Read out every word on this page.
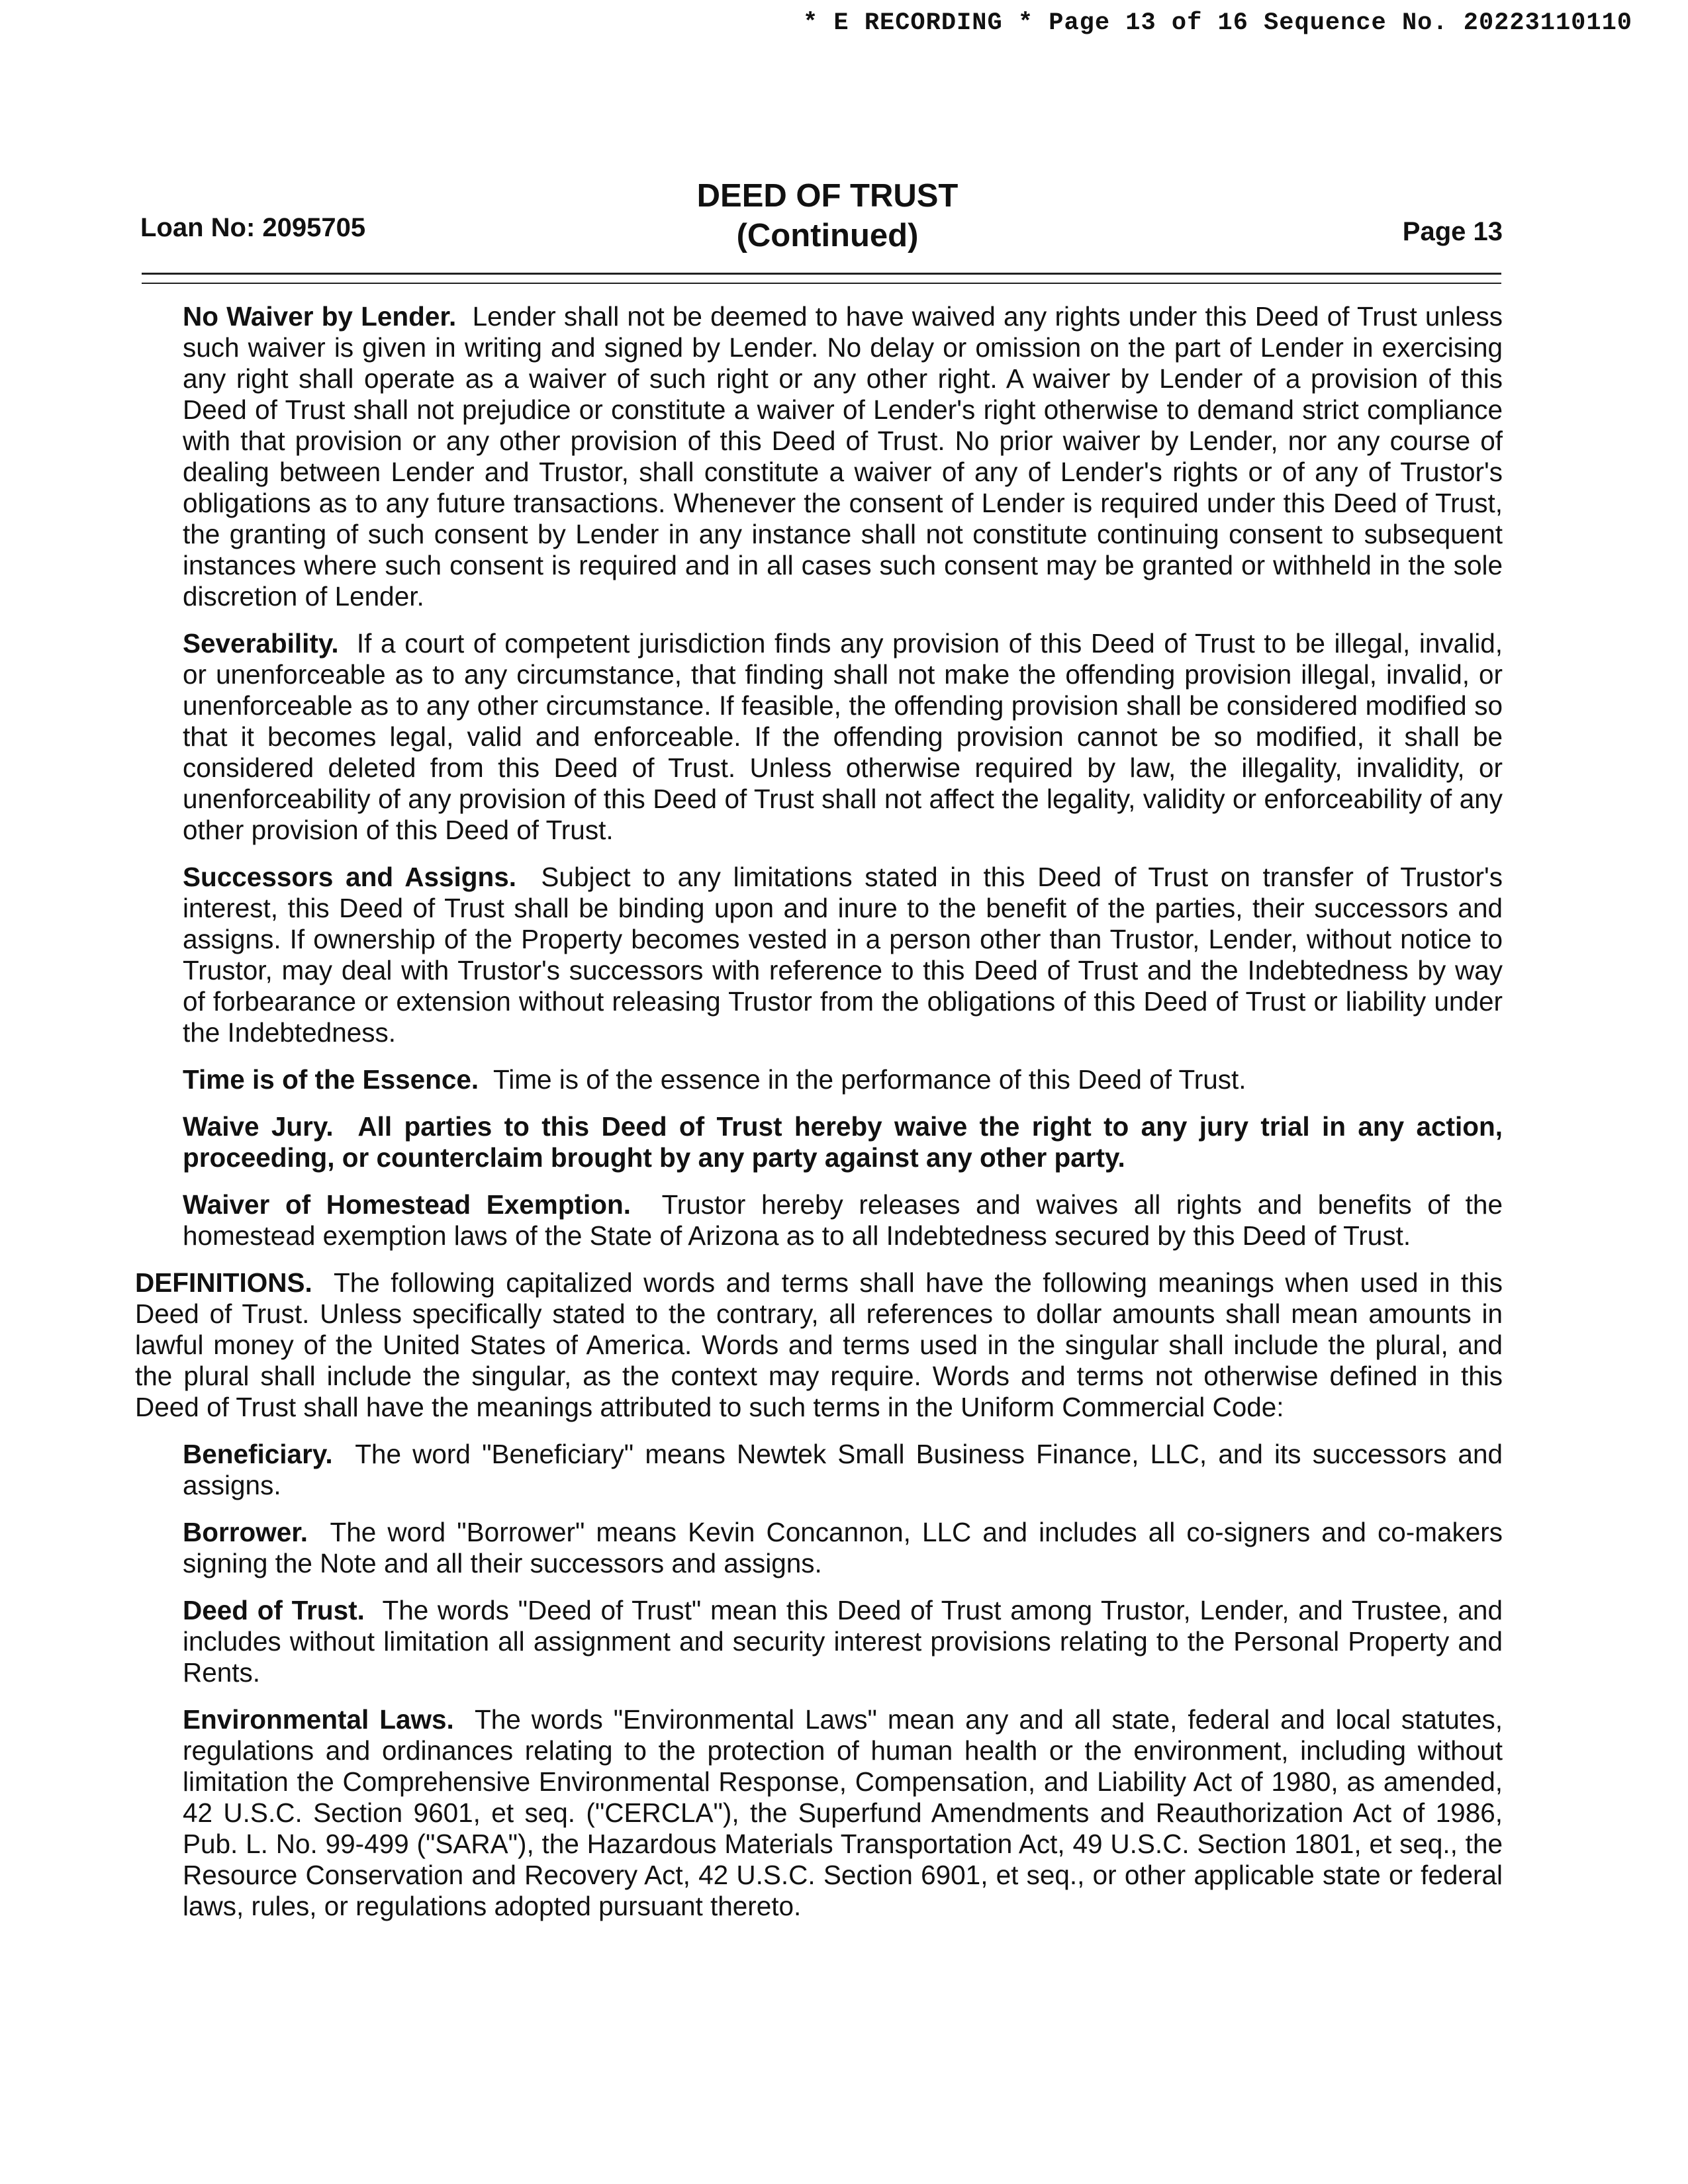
* E RECORDING * Page 13 of 16 Sequence No. 20223110110
DEED OF TRUST
(Continued)
Loan No: 2095705	Page 13

No Waiver by Lender. Lender shall not be deemed to have waived any rights under this Deed of Trust unless such waiver is given in writing and signed by Lender. No delay or omission on the part of Lender in exercising any right shall operate as a waiver of such right or any other right. A waiver by Lender of a provision of this Deed of Trust shall not prejudice or constitute a waiver of Lender's right otherwise to demand strict compliance with that provision or any other provision of this Deed of Trust. No prior waiver by Lender, nor any course of dealing between Lender and Trustor, shall constitute a waiver of any of Lender's rights or of any of Trustor's obligations as to any future transactions. Whenever the consent of Lender is required under this Deed of Trust, the granting of such consent by Lender in any instance shall not constitute continuing consent to subsequent instances where such consent is required and in all cases such consent may be granted or withheld in the sole discretion of Lender.

Severability. If a court of competent jurisdiction finds any provision of this Deed of Trust to be illegal, invalid, or unenforceable as to any circumstance, that finding shall not make the offending provision illegal, invalid, or unenforceable as to any other circumstance. If feasible, the offending provision shall be considered modified so that it becomes legal, valid and enforceable. If the offending provision cannot be so modified, it shall be considered deleted from this Deed of Trust. Unless otherwise required by law, the illegality, invalidity, or unenforceability of any provision of this Deed of Trust shall not affect the legality, validity or enforceability of any other provision of this Deed of Trust.

Successors and Assigns. Subject to any limitations stated in this Deed of Trust on transfer of Trustor's interest, this Deed of Trust shall be binding upon and inure to the benefit of the parties, their successors and assigns. If ownership of the Property becomes vested in a person other than Trustor, Lender, without notice to Trustor, may deal with Trustor's successors with reference to this Deed of Trust and the Indebtedness by way of forbearance or extension without releasing Trustor from the obligations of this Deed of Trust or liability under the Indebtedness.

Time is of the Essence. Time is of the essence in the performance of this Deed of Trust.

Waive Jury. All parties to this Deed of Trust hereby waive the right to any jury trial in any action, proceeding, or counterclaim brought by any party against any other party.

Waiver of Homestead Exemption. Trustor hereby releases and waives all rights and benefits of the homestead exemption laws of the State of Arizona as to all Indebtedness secured by this Deed of Trust.

DEFINITIONS. The following capitalized words and terms shall have the following meanings when used in this Deed of Trust. Unless specifically stated to the contrary, all references to dollar amounts shall mean amounts in lawful money of the United States of America. Words and terms used in the singular shall include the plural, and the plural shall include the singular, as the context may require. Words and terms not otherwise defined in this Deed of Trust shall have the meanings attributed to such terms in the Uniform Commercial Code:

Beneficiary. The word "Beneficiary" means Newtek Small Business Finance, LLC, and its successors and assigns.

Borrower. The word "Borrower" means Kevin Concannon, LLC and includes all co-signers and co-makers signing the Note and all their successors and assigns.

Deed of Trust. The words "Deed of Trust" mean this Deed of Trust among Trustor, Lender, and Trustee, and includes without limitation all assignment and security interest provisions relating to the Personal Property and Rents.

Environmental Laws. The words "Environmental Laws" mean any and all state, federal and local statutes, regulations and ordinances relating to the protection of human health or the environment, including without limitation the Comprehensive Environmental Response, Compensation, and Liability Act of 1980, as amended, 42 U.S.C. Section 9601, et seq. ("CERCLA"), the Superfund Amendments and Reauthorization Act of 1986, Pub. L. No. 99-499 ("SARA"), the Hazardous Materials Transportation Act, 49 U.S.C. Section 1801, et seq., the Resource Conservation and Recovery Act, 42 U.S.C. Section 6901, et seq., or other applicable state or federal laws, rules, or regulations adopted pursuant thereto.
